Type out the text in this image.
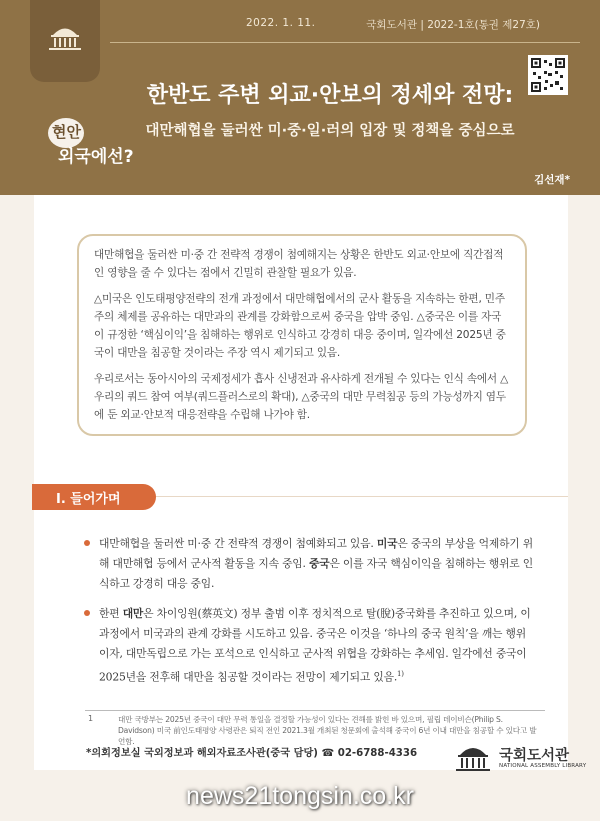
2022. 1. 11.	국회도서관 | 2022-1호(통권 제27호)
한반도 주변 외교·안보의 정세와 전망:
대만해협을 둘러싼 미·중·일·러의 입장 및 정책을 중심으로
현안
외국에선?
김선재*

대만해협을 둘러싼 미·중 간 전략적 경쟁이 첨예해지는 상황은 한반도 외교·안보에 직간접적인 영향을 줄 수 있다는 점에서 긴밀히 관찰할 필요가 있음.

△미국은 인도태평양전략의 전개 과정에서 대만해협에서의 군사 활동을 지속하는 한편, 민주주의 체제를 공유하는 대만과의 관계를 강화함으로써 중국을 압박 중임. △중국은 이를 자국이 규정한 ‘핵심이익’을 침해하는 행위로 인식하고 강경히 대응 중이며, 일각에선 2025년 중국이 대만을 침공할 것이라는 주장 역시 제기되고 있음.

우리로서는 동아시아의 국제정세가 흡사 신냉전과 유사하게 전개될 수 있다는 인식 속에서 △우리의 쿼드 참여 여부(쿼드플러스로의 확대), △중국의 대만 무력침공 등의 가능성까지 염두에 둔 외교·안보적 대응전략을 수립해 나가야 함.

Ⅰ. 들어가며

대만해협을 둘러싼 미·중 간 전략적 경쟁이 첨예화되고 있음. 미국은 중국의 부상을 억제하기 위해 대만해협 등에서 군사적 활동을 지속 중임. 중국은 이를 자국 핵심이익을 침해하는 행위로 인식하고 강경히 대응 중임.

한편 대만은 차이잉원(蔡英文) 정부 출범 이후 정치적으로 탈(脫)중국화를 추진하고 있으며, 이 과정에서 미국과의 관계 강화를 시도하고 있음. 중국은 이것을 ‘하나의 중국 원칙’을 깨는 행위이자, 대만독립으로 가는 포석으로 인식하고 군사적 위협을 강화하는 추세임. 일각에선 중국이 2025년을 전후해 대만을 침공할 것이라는 전망이 제기되고 있음.$^{1)}$

1	대만 국방부는 2025년 중국이 대만 무력 통일을 결정할 가능성이 있다는 견해를 밝힌 바 있으며, 필립 데이비슨(Philip S. Davidson) 미국 前인도태평양 사령관은 퇴직 전인 2021.3월 개최된 청문회에 출석해 중국이 6년 이내 대만을 침공할 수 있다고 발언함.
*의회정보실 국외정보과 해외자료조사관(중국 담당) ☎ 02-6788-4336	국회도서관
NATIONAL ASSEMBLY LIBRARY
news21tongsin.co.kr
